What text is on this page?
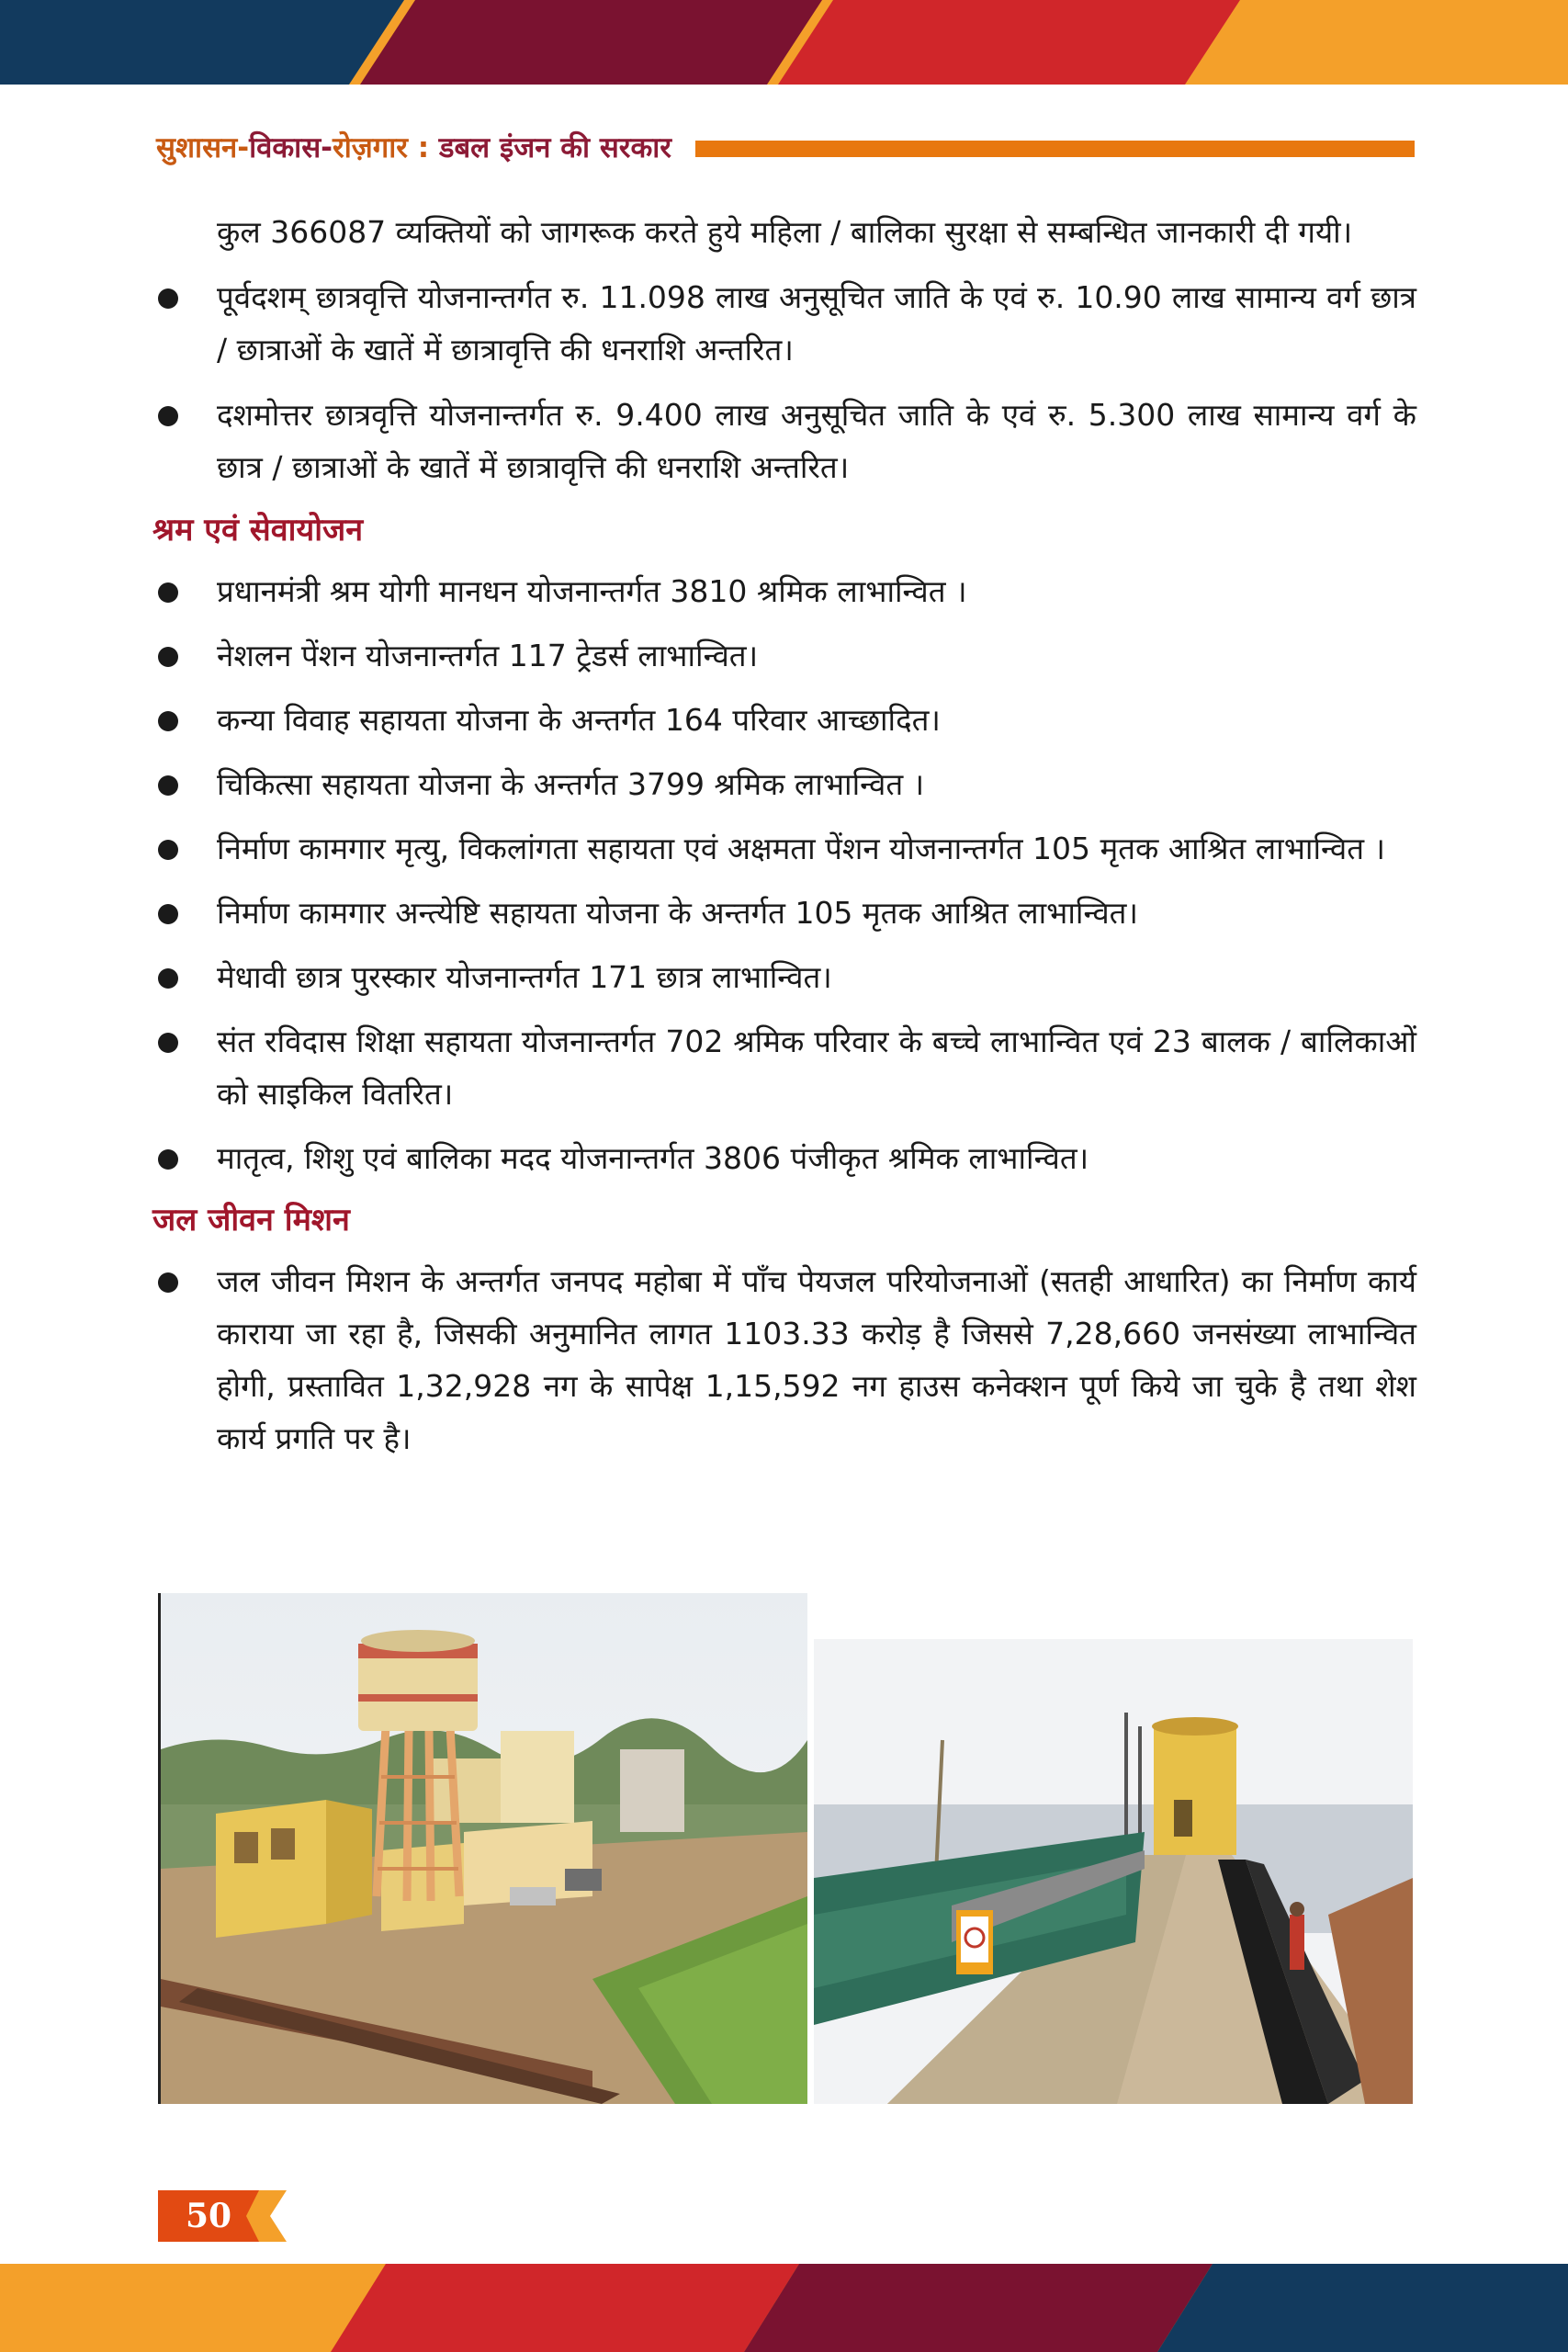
सुशासन-विकास-रोज़गार : डबल इंजन की सरकार

कुल 366087 व्यक्तियों को जागरूक करते हुये महिला / बालिका सुरक्षा से सम्बन्धित जानकारी दी गयी।

पूर्वदशम् छात्रवृत्ति योजनान्तर्गत रु. 11.098 लाख अनुसूचित जाति के एवं रु. 10.90 लाख सामान्य वर्ग छात्र / छात्राओं के खातें में छात्रावृत्ति की धनराशि अन्तरित।

दशमोत्तर छात्रवृत्ति योजनान्तर्गत रु. 9.400 लाख अनुसूचित जाति के एवं रु. 5.300 लाख सामान्य वर्ग के छात्र / छात्राओं के खातें में छात्रावृत्ति की धनराशि अन्तरित।

श्रम एवं सेवायोजन

प्रधानमंत्री श्रम योगी मानधन योजनान्तर्गत 3810 श्रमिक लाभान्वित ।

नेशलन पेंशन योजनान्तर्गत 117 ट्रेडर्स लाभान्वित।

कन्या विवाह सहायता योजना के अन्तर्गत 164 परिवार आच्छादित।

चिकित्सा सहायता योजना के अन्तर्गत 3799 श्रमिक लाभान्वित ।

निर्माण कामगार मृत्यु, विकलांगता सहायता एवं अक्षमता पेंशन योजनान्तर्गत 105 मृतक आश्रित लाभान्वित ।

निर्माण कामगार अन्त्येष्टि सहायता योजना के अन्तर्गत 105 मृतक आश्रित लाभान्वित।

मेधावी छात्र पुरस्कार योजनान्तर्गत 171 छात्र लाभान्वित।

संत रविदास शिक्षा सहायता योजनान्तर्गत 702 श्रमिक परिवार के बच्चे लाभान्वित एवं 23 बालक / बालिकाओं को साइकिल वितरित।

मातृत्व, शिशु एवं बालिका मदद योजनान्तर्गत 3806 पंजीकृत श्रमिक लाभान्वित।

जल जीवन मिशन

जल जीवन मिशन के अन्तर्गत जनपद महोबा में पाँच पेयजल परियोजनाओं (सतही आधारित) का निर्माण कार्य काराया जा रहा है, जिसकी अनुमानित लागत 1103.33 करोड़ है जिससे 7,28,660 जनसंख्या लाभान्वित होगी, प्रस्तावित 1,32,928 नग के सापेक्ष 1,15,592 नग हाउस कनेक्शन पूर्ण किये जा चुके है तथा शेश कार्य प्रगति पर है।

50
